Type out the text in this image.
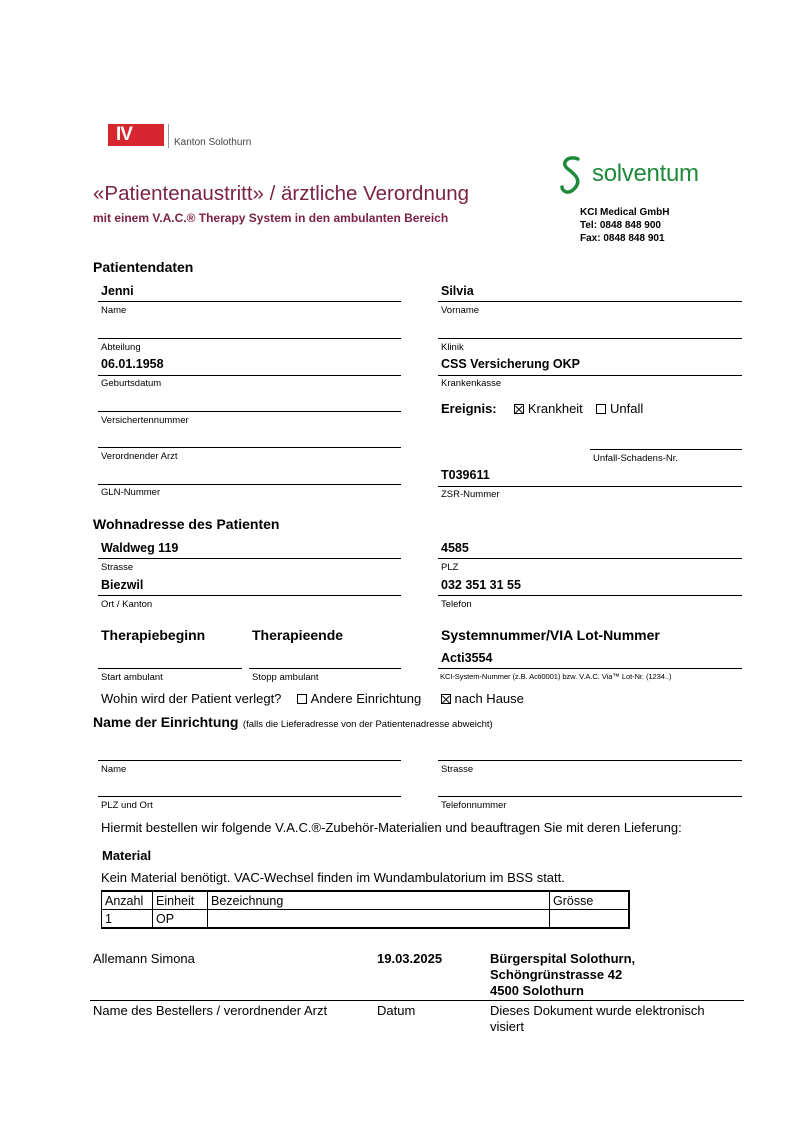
IV	Kanton Solothurn
«Patientenaustritt» / ärztliche Verordnung
mit einem V.A.C.® Therapy System in den ambulanten Bereich
solventum
KCI Medical GmbH
Tel: 0848 848 900
Fax: 0848 848 901
Patientendaten
Jenni
Name
Silvia
Vorname
Abteilung	Klinik
06.01.1958
Geburtsdatum
CSS Versicherung OKP
Krankenkasse
Versichertennummer
Ereignis: Krankheit Unfall
Verordnender Arzt	Unfall-Schadens-Nr.
GLN-Nummer
T039611
ZSR-Nummer
Wohnadresse des Patienten
Waldweg 119
Strasse
4585
PLZ
Biezwil
Ort / Kanton
032 351 31 55
Telefon
Therapiebeginn	Therapieende	Systemnummer/VIA Lot-Nummer
Start ambulant	Stopp ambulant
Acti3554
KCI-System-Nummer (z.B. Acti0001) bzw. V.A.C. Via™ Lot-Nr. (1234..)
Wohin wird der Patient verlegt? Andere Einrichtung	nach Hause
Name der Einrichtung (falls die Lieferadresse von der Patientenadresse abweicht)
Name	Strasse
PLZ und Ort	Telefonnummer
Hiermit bestellen wir folgende V.A.C.®-Zubehör-Materialien und beauftragen Sie mit deren Lieferung:
Material
Kein Material benötigt. VAC-Wechsel finden im Wundambulatorium im BSS statt.
Anzahl	Einheit	Bezeichnung	Grösse
1	OP		
Allemann Simona	19.03.2025	Bürgerspital Solothurn,
Schöngrünstrasse 42
4500 Solothurn
Name des Bestellers / verordnender Arzt	Datum	Dieses Dokument wurde elektronisch visiert
